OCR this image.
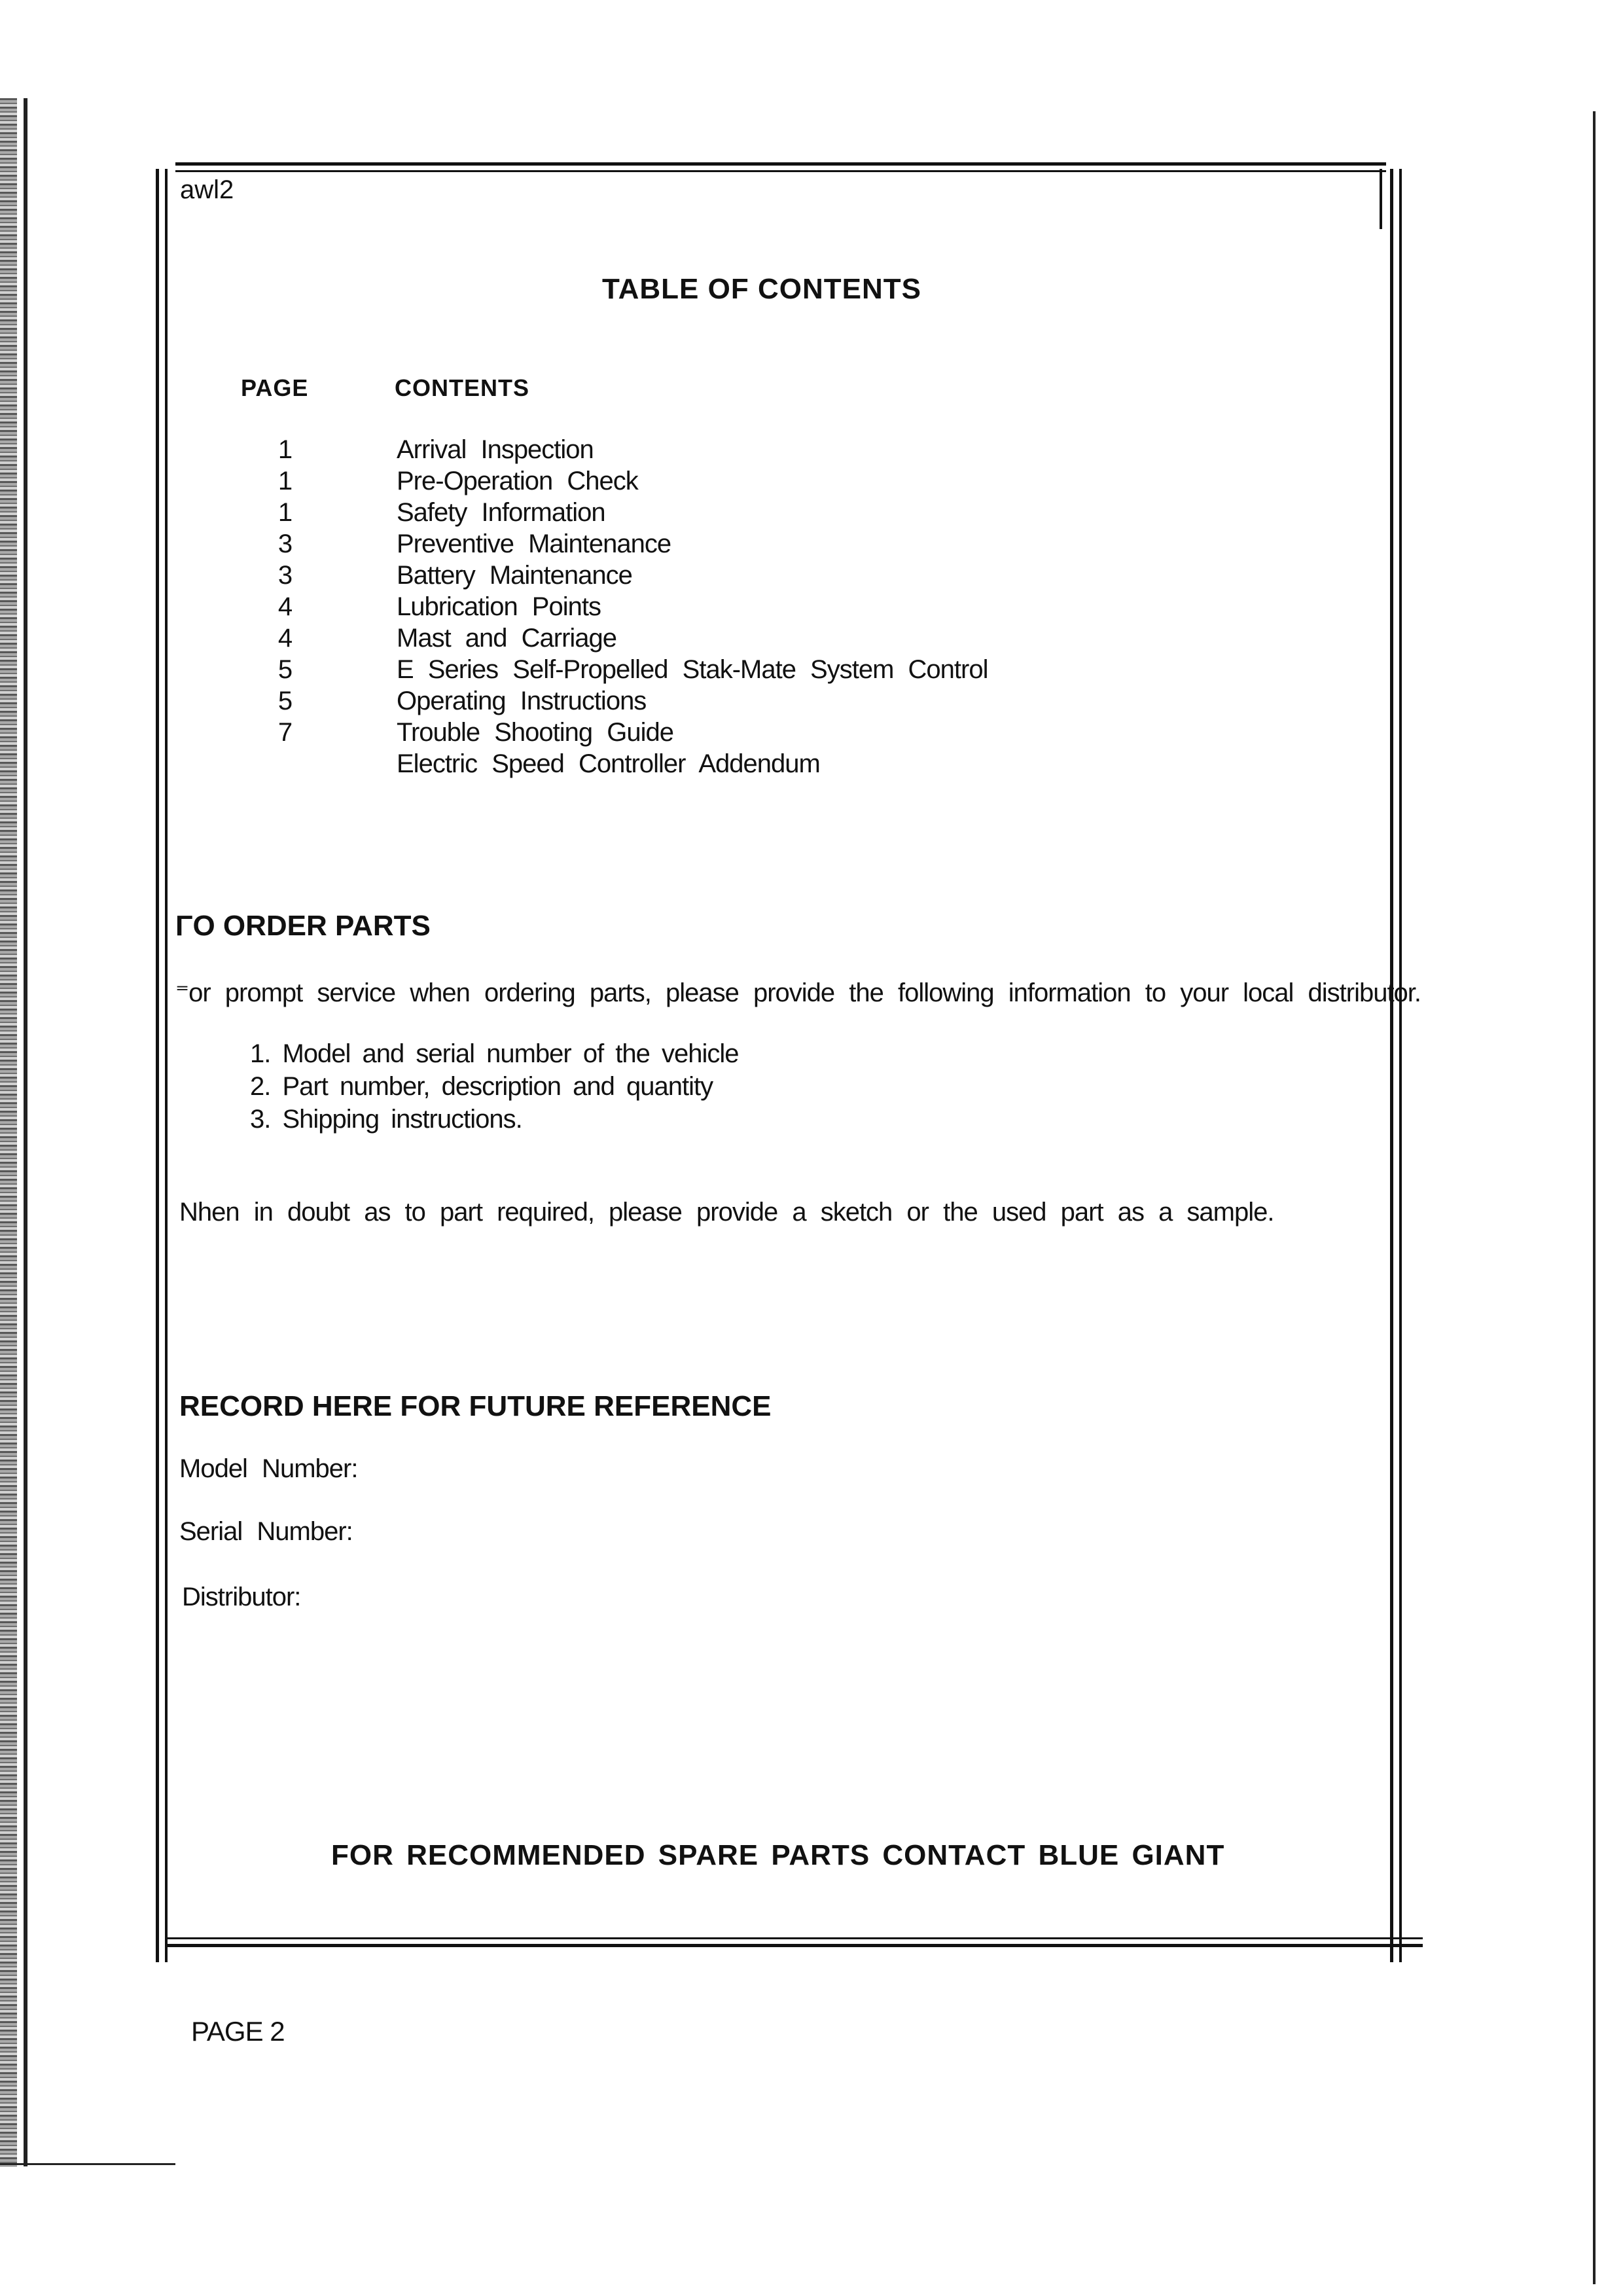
awl2
TABLE OF CONTENTS
PAGE	CONTENTS
1	Arrival Inspection
1	Pre-Operation Check
1	Safety Information
3	Preventive Maintenance
3	Battery Maintenance
4	Lubrication Points
4	Mast and Carriage
5	E Series Self-Propelled Stak-Mate System Control
5	Operating Instructions
7	Trouble Shooting Guide
Electric Speed Controller Addendum
ΓO ORDER PARTS
⁼or prompt service when ordering parts, please provide the following information to your local distributor.
1. Model and serial number of the vehicle
2. Part number, description and quantity
3. Shipping instructions.
Nhen in doubt as to part required, please provide a sketch or the used part as a sample.
RECORD HERE FOR FUTURE REFERENCE
Model Number:
Serial Number:
Distributor:
FOR RECOMMENDED SPARE PARTS CONTACT BLUE GIANT
PAGE 2
